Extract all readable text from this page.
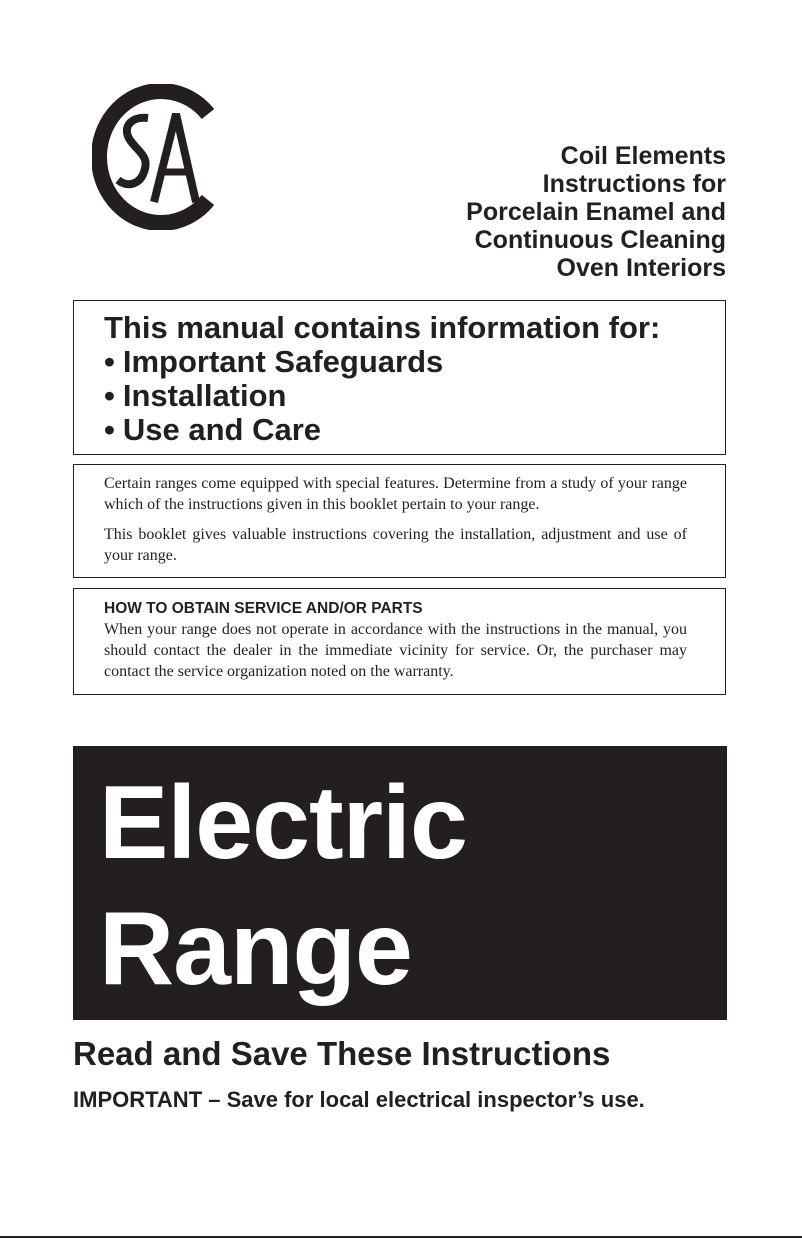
Coil Elements
Instructions for
Porcelain Enamel and
Continuous Cleaning
Oven Interiors
This manual contains information for:
• Important Safeguards
• Installation
• Use and Care

Certain ranges come equipped with special features. Determine from a study of your range which of the instructions given in this booklet pertain to your range.

This booklet gives valuable instructions covering the installation, adjustment and use of your range.

HOW TO OBTAIN SERVICE AND/OR PARTS

When your range does not operate in accordance with the instructions in the manual, you should contact the dealer in the immediate vicinity for service. Or, the purchaser may contact the service organization noted on the warranty.

Electric
Range
Read and Save These Instructions
IMPORTANT – Save for local electrical inspector’s use.
